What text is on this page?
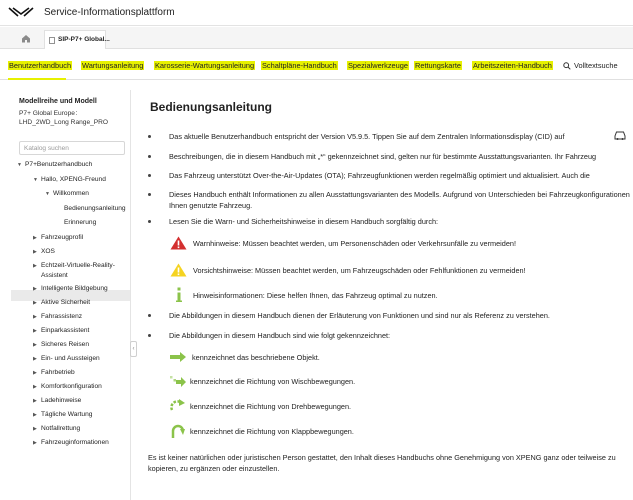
Service-Informationsplattform
SIP-P7+ Global...
Benutzerhandbuch Wartungsanleitung Karosserie-Wartungsanleitung Schaltpläne-Handbuch Spezialwerkzeuge Rettungskarte Arbeitszeiten-Handbuch	Volltextsuche
Modellreihe und Modell
P7+ Global Europe：LHD_2WD_Long Range_PRO
Katalog suchen
▼ P7+Benutzerhandbuch
▼ Hallo, XPENG-Freund
▼ Willkommen
Bedienungsanleitung
Erinnerung
▶ Fahrzeugprofil
▶ XOS
▶ Echtzeit-Virtuelle-Reality-
Assistent
▶ Intelligente Bildgebung
▶ Aktive Sicherheit
▶ Fahrassistenz
▶ Einparkassistent
▶ Sicheres Reisen
▶ Ein- und Aussteigen
▶ Fahrbetrieb
▶ Komfortkonfiguration
▶ Ladehinweise
▶ Tägliche Wartung
▶ Notfallrettung
▶ Fahrzeuginformationen
‹
Bedienungsanleitung
Das aktuelle Benutzerhandbuch entspricht der Version V5.9.5. Tippen Sie auf dem Zentralen Informationsdisplay (CID) auf
Beschreibungen, die in diesem Handbuch mit „*“ gekennzeichnet sind, gelten nur für bestimmte Ausstattungsvarianten. Ihr Fahrzeug
Das Fahrzeug unterstützt Over-the-Air-Updates (OTA); Fahrzeugfunktionen werden regelmäßig optimiert und aktualisiert. Auch die
Dieses Handbuch enthält Informationen zu allen Ausstattungsvarianten des Modells. Aufgrund von Unterschieden bei Fahrzeugkonfigurationen
Ihnen genutzte Fahrzeug.
Lesen Sie die Warn- und Sicherheitshinweise in diesem Handbuch sorgfältig durch:
Warnhinweise: Müssen beachtet werden, um Personenschäden oder Verkehrsunfälle zu vermeiden!
Vorsichtshinweise: Müssen beachtet werden, um Fahrzeugschäden oder Fehlfunktionen zu vermeiden!
Hinweisinformationen: Diese helfen Ihnen, das Fahrzeug optimal zu nutzen.
Die Abbildungen in diesem Handbuch dienen der Erläuterung von Funktionen und sind nur als Referenz zu verstehen.
Die Abbildungen in diesem Handbuch sind wie folgt gekennzeichnet:
kennzeichnet das beschriebene Objekt.
kennzeichnet die Richtung von Wischbewegungen.
kennzeichnet die Richtung von Drehbewegungen.
kennzeichnet die Richtung von Klappbewegungen.
Es ist keiner natürlichen oder juristischen Person gestattet, den Inhalt dieses Handbuchs ohne Genehmigung von XPENG ganz oder teilweise zu kopieren, zu ergänzen oder einzustellen.
